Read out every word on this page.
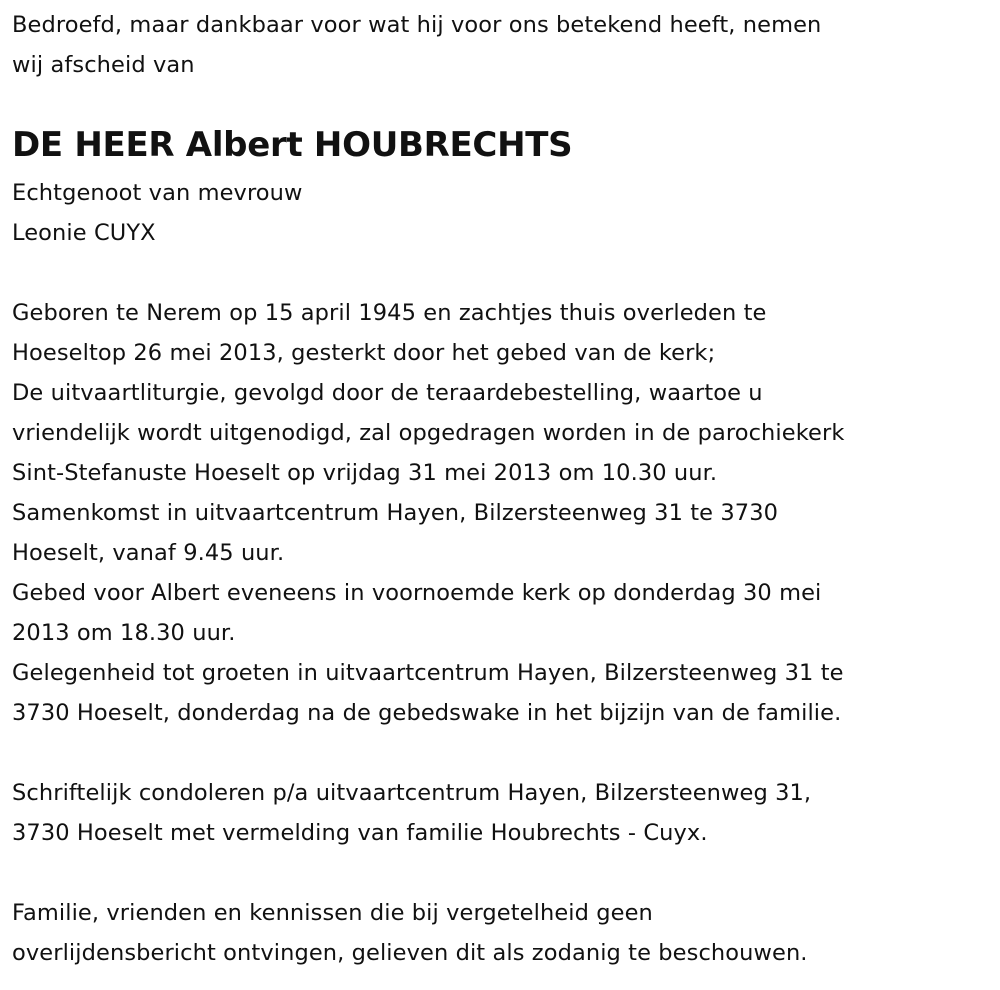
Bedroefd, maar dankbaar voor wat hij voor ons betekend heeft, nemen
wij afscheid van
DE HEER Albert HOUBRECHTS
Echtgenoot van mevrouw
Leonie CUYX
Geboren te Nerem op 15 april 1945 en zachtjes thuis overleden te
Hoeseltop 26 mei 2013, gesterkt door het gebed van de kerk;
De uitvaartliturgie, gevolgd door de teraardebestelling, waartoe u
vriendelijk wordt uitgenodigd, zal opgedragen worden in de parochiekerk
Sint-Stefanuste Hoeselt op vrijdag 31 mei 2013 om 10.30 uur.
Samenkomst in uitvaartcentrum Hayen, Bilzersteenweg 31 te 3730
Hoeselt, vanaf 9.45 uur.
Gebed voor Albert eveneens in voornoemde kerk op donderdag 30 mei
2013 om 18.30 uur.
Gelegenheid tot groeten in uitvaartcentrum Hayen, Bilzersteenweg 31 te
3730 Hoeselt, donderdag na de gebedswake in het bijzijn van de familie.
Schriftelijk condoleren p/a uitvaartcentrum Hayen, Bilzersteenweg 31,
3730 Hoeselt met vermelding van familie Houbrechts - Cuyx.
Familie, vrienden en kennissen die bij vergetelheid geen
overlijdensbericht ontvingen, gelieven dit als zodanig te beschouwen.
